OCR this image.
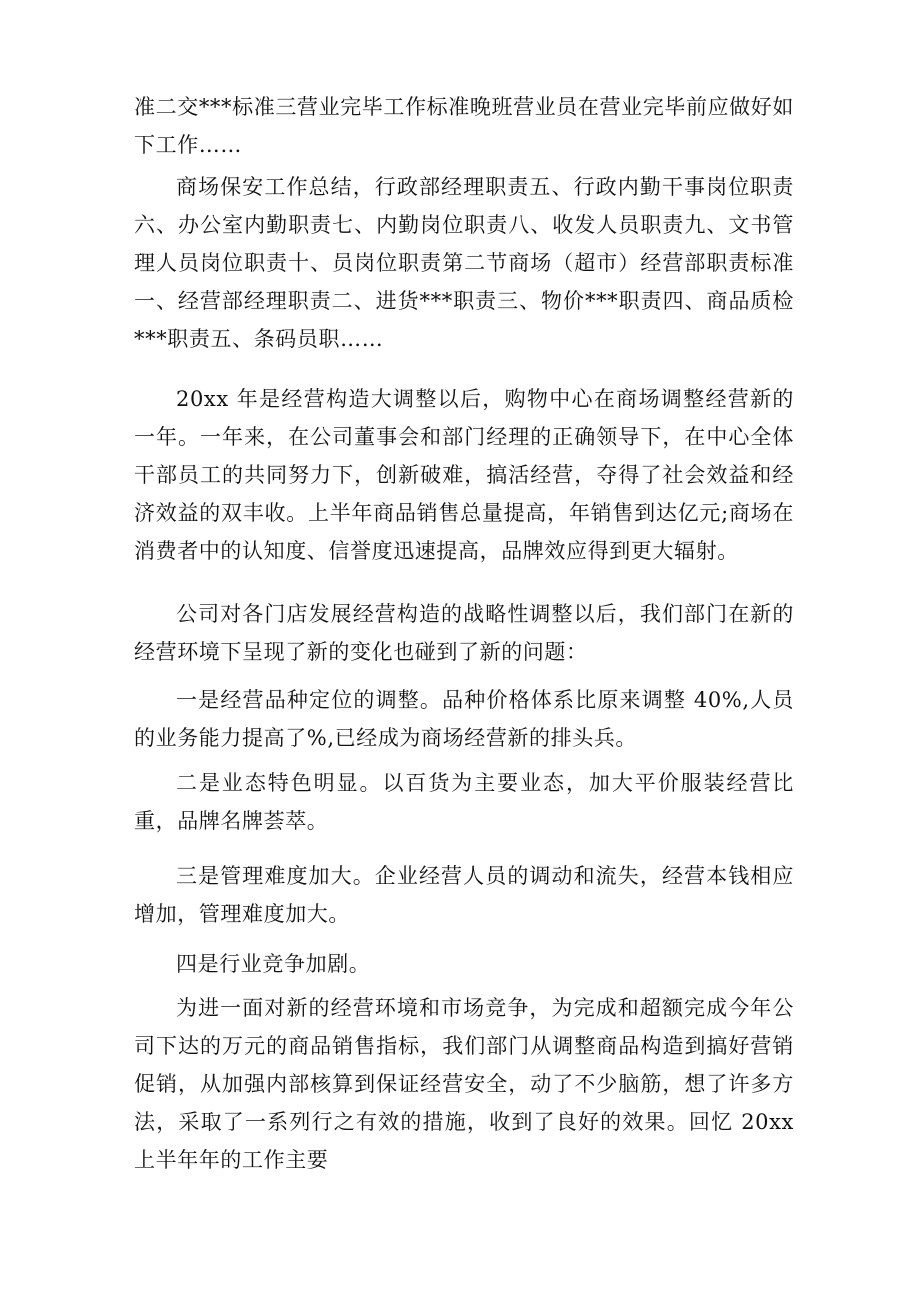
准二交***标准三营业完毕工作标准晚班营业员在营业完毕前应做好如下工作……

商场保安工作总结，行政部经理职责五、行政内勤干事岗位职责六、办公室内勤职责七、内勤岗位职责八、收发人员职责九、文书管理人员岗位职责十、员岗位职责第二节商场（超市）经营部职责标准一、经营部经理职责二、进货***职责三、物价***职责四、商品质检***职责五、条码员职……

20xx 年是经营构造大调整以后，购物中心在商场调整经营新的一年。一年来，在公司董事会和部门经理的正确领导下，在中心全体干部员工的共同努力下，创新破难，搞活经营，夺得了社会效益和经济效益的双丰收。上半年商品销售总量提高，年销售到达亿元;商场在消费者中的认知度、信誉度迅速提高，品牌效应得到更大辐射。

公司对各门店发展经营构造的战略性调整以后，我们部门在新的经营环境下呈现了新的变化也碰到了新的问题：

一是经营品种定位的调整。品种价格体系比原来调整 40%,人员的业务能力提高了%,已经成为商场经营新的排头兵。

二是业态特色明显。以百货为主要业态，加大平价服装经营比重，品牌名牌荟萃。

三是管理难度加大。企业经营人员的调动和流失，经营本钱相应增加，管理难度加大。

四是行业竞争加剧。

为进一面对新的经营环境和市场竞争，为完成和超额完成今年公司下达的万元的商品销售指标，我们部门从调整商品构造到搞好营销促销，从加强内部核算到保证经营安全，动了不少脑筋，想了许多方法，采取了一系列行之有效的措施，收到了良好的效果。回忆 20xx 上半年年的工作主要
